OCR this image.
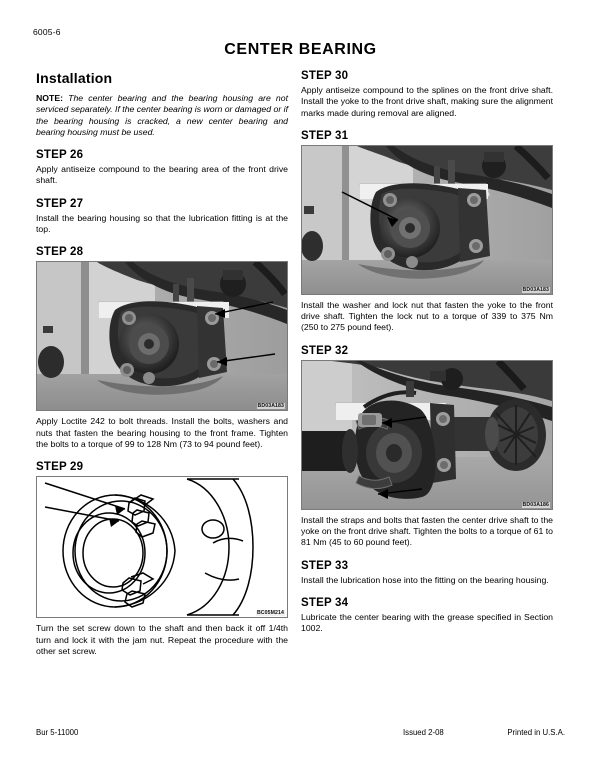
6005-6
CENTER BEARING
Installation

NOTE: The center bearing and the bearing housing are not serviced separately. If the center bearing is worn or damaged or if the bearing housing is cracked, a new center bearing and bearing housing must be used.

STEP 26

Apply antiseize compound to the bearing area of the front drive shaft.

STEP 27

Install the bearing housing so that the lubrication fitting is at the top.

STEP 28
BD03A183

Apply Loctite 242 to bolt threads. Install the bolts, washers and nuts that fasten the bearing housing to the front frame. Tighten the bolts to a torque of 99 to 128 Nm (73 to 94 pound feet).

STEP 29
BC05M214

Turn the set screw down to the shaft and then back it off 1/4th turn and lock it with the jam nut. Repeat the procedure with the other set screw.

STEP 30

Apply antiseize compound to the splines on the front drive shaft. Install the yoke to the front drive shaft, making sure the alignment marks made during removal are aligned.

STEP 31
BD03A183

Install the washer and lock nut that fasten the yoke to the front drive shaft. Tighten the lock nut to a torque of 339 to 375 Nm (250 to 275 pound feet).

STEP 32
BD03A186

Install the straps and bolts that fasten the center drive shaft to the yoke on the front drive shaft. Tighten the bolts to a torque of 61 to 81 Nm (45 to 60 pound feet).

STEP 33

Install the lubrication hose into the fitting on the bearing housing.

STEP 34

Lubricate the center bearing with the grease specified in Section 1002.

Bur 5-11000	Issued 2-08	Printed in U.S.A.
